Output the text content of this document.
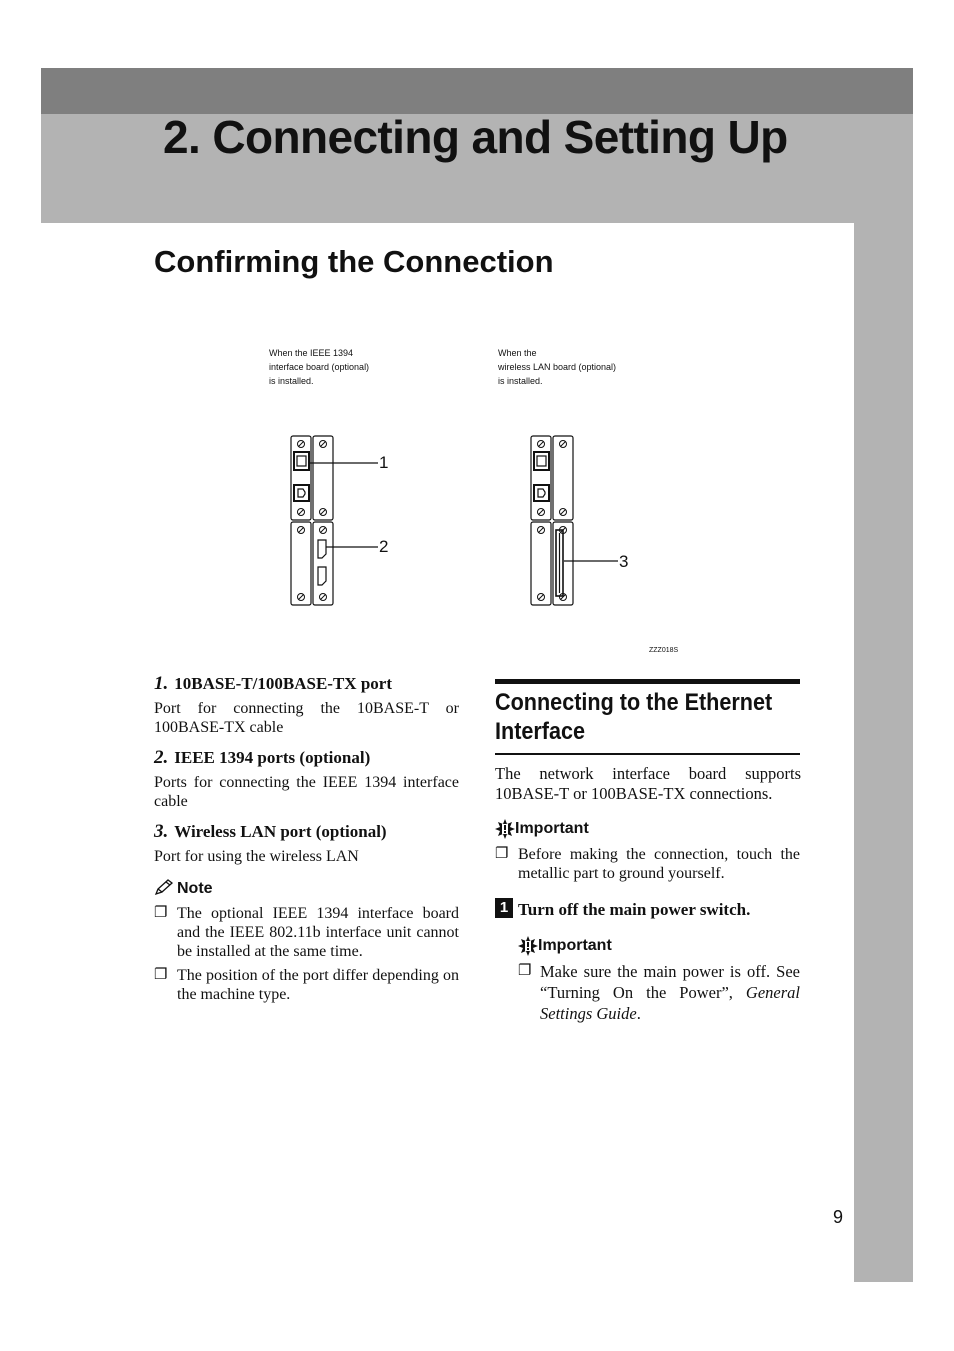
2. Connecting and Setting Up
Confirming the Connection
When the IEEE 1394
interface board (optional)
is installed.
When the
wireless LAN board (optional)
is installed.
1
2
3
ZZZ018S

1. 10BASE-T/100BASE-TX port

Port for connecting the 10BASE-T or 100BASE-TX cable

2. IEEE 1394 ports (optional)

Ports for connecting the IEEE 1394 interface cable

3. Wireless LAN port (optional)

Port for using the wireless LAN

Note
❐ The optional IEEE 1394 interface board and the IEEE 802.11b interface unit cannot be installed at the same time.
❐ The position of the port differ depending on the machine type.
Connecting to the Ethernet Interface

The network interface board supports 10BASE-T or 100BASE-TX connections.

Important
❐ Before making the connection, touch the metallic part to ground yourself.
1 Turn off the main power switch.

Important
❐ Make sure the main power is off. See “Turning On the Power”, General Settings Guide.
9
